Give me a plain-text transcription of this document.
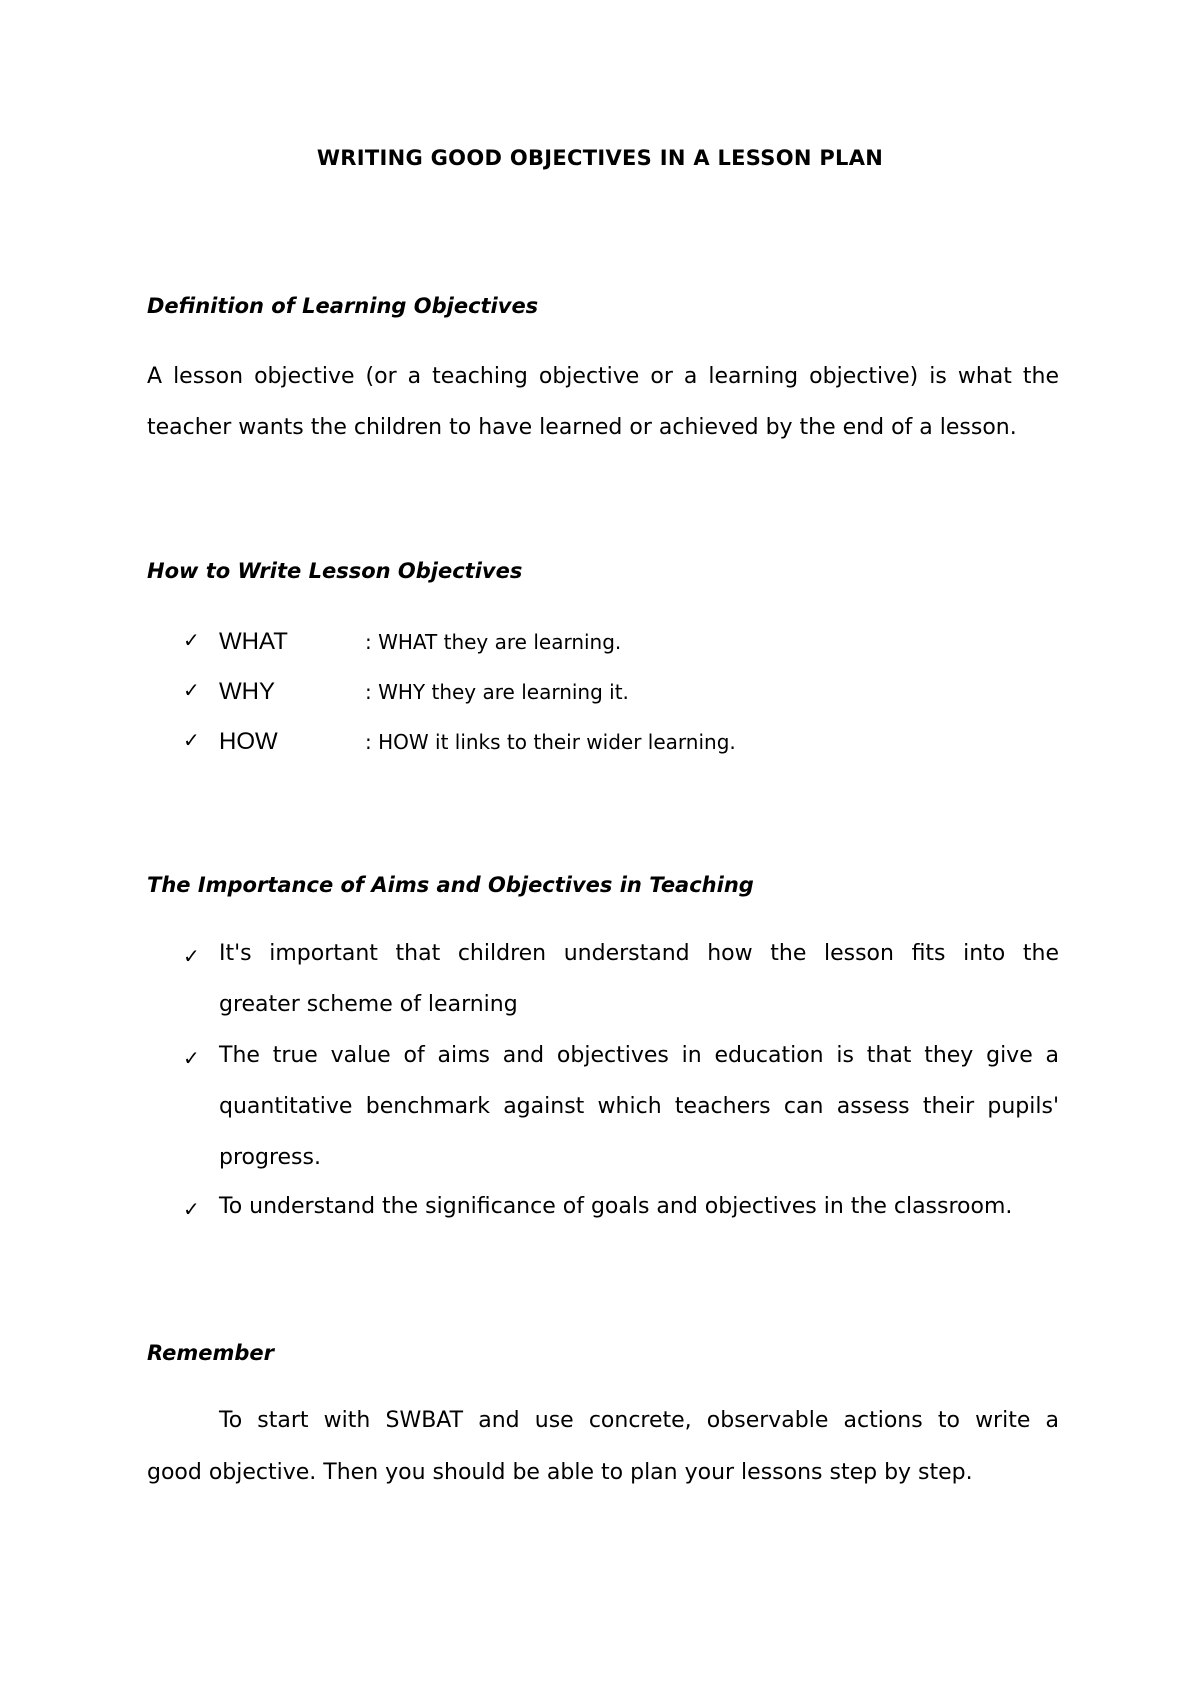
WRITING GOOD OBJECTIVES IN A LESSON PLAN
Definition of Learning Objectives
A lesson objective (or a teaching objective or a learning objective) is what the
teacher wants the children to have learned or achieved by the end of a lesson.
How to Write Lesson Objectives
✓ WHAT	: WHAT they are learning.
✓ WHY	: WHY they are learning it.
✓ HOW	: HOW it links to their wider learning.
The Importance of Aims and Objectives in Teaching
✓ It's important that children understand how the lesson fits into the
greater scheme of learning
✓ The true value of aims and objectives in education is that they give a
quantitative benchmark against which teachers can assess their pupils'
progress.
✓ To understand the significance of goals and objectives in the classroom.
Remember
To start with SWBAT and use concrete, observable actions to write a
good objective. Then you should be able to plan your lessons step by step.
